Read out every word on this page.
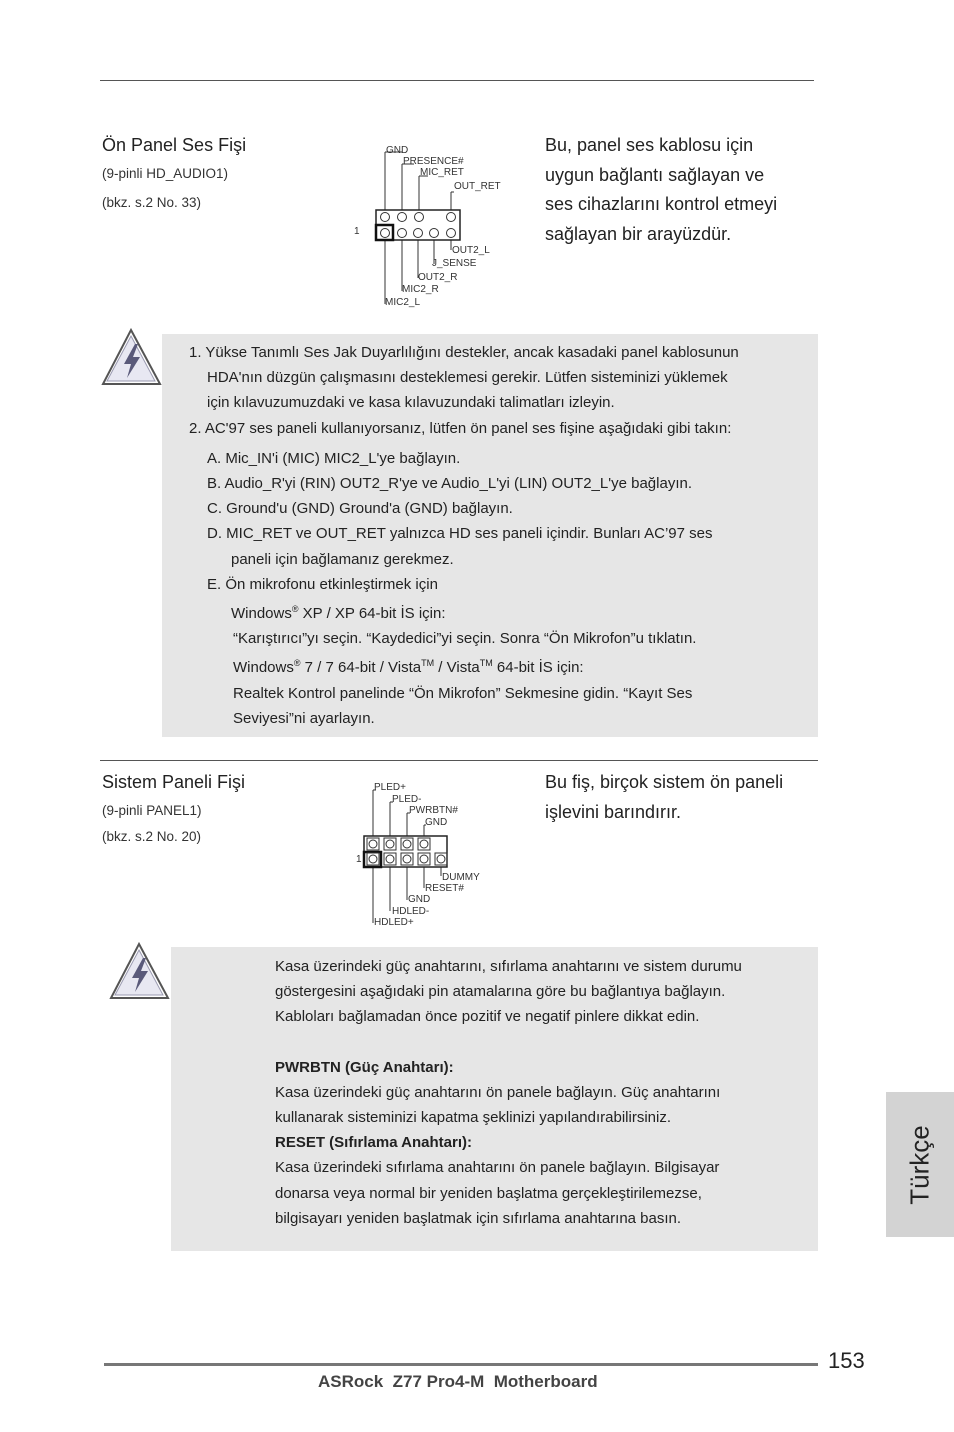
Ön Panel Ses Fişi
(9-pinli HD_AUDIO1)
(bkz. s.2 No. 33)
Bu, panel ses kablosu için
uygun bağlantı sağlayan ve
ses cihazlarını kontrol etmeyi
sağlayan bir arayüzdür.
1
GND
PRESENCE#
MIC_RET
OUT_RET
OUT2_L
J_SENSE
OUT2_R
MIC2_R
MIC2_L
1. Yükse Tanımlı Ses Jak Duyarlılığını destekler, ancak kasadaki panel kablosunun
HDA'nın düzgün çalışmasını desteklemesi gerekir. Lütfen sisteminizi yüklemek
için kılavuzumuzdaki ve kasa kılavuzundaki talimatları izleyin.
2. AC'97 ses paneli kullanıyorsanız, lütfen ön panel ses fişine aşağıdaki gibi takın:
A. Mic_IN'i (MIC) MIC2_L'ye bağlayın.
B. Audio_R'yi (RIN) OUT2_R'ye ve Audio_L'yi (LIN) OUT2_L'ye bağlayın.
C. Ground'u (GND) Ground'a (GND) bağlayın.
D. MIC_RET ve OUT_RET yalnızca HD ses paneli içindir. Bunları AC’97 ses
paneli için bağlamanız gerekmez.
E. Ön mikrofonu etkinleştirmek için
Windows® XP / XP 64-bit İS için:
“Karıştırıcı”yı seçin. “Kaydedici”yi seçin. Sonra “Ön Mikrofon”u tıklatın.
Windows® 7 / 7 64-bit / Vista™ / Vista™ 64-bit İS için:
Realtek Kontrol panelinde “Ön Mikrofon” Sekmesine gidin. “Kayıt Ses
Seviyesi”ni ayarlayın.
Sistem Paneli Fişi
(9-pinli PANEL1)
(bkz. s.2 No. 20)
Bu fiş, birçok sistem ön paneli
işlevini barındırır.
1
PLED+
PLED-
PWRBTN#
GND
DUMMY
RESET#
GND
HDLED-
HDLED+
Kasa üzerindeki güç anahtarını, sıfırlama anahtarını ve sistem durumu
göstergesini aşağıdaki pin atamalarına göre bu bağlantıya bağlayın.
Kabloları bağlamadan önce pozitif ve negatif pinlere dikkat edin.
PWRBTN (Güç Anahtarı):
Kasa üzerindeki güç anahtarını ön panele bağlayın. Güç anahtarını
kullanarak sisteminizi kapatma şeklinizi yapılandırabilirsiniz.
RESET (Sıfırlama Anahtarı):
Kasa üzerindeki sıfırlama anahtarını ön panele bağlayın. Bilgisayar
donarsa veya normal bir yeniden başlatma gerçekleştirilemezse,
bilgisayarı yeniden başlatmak için sıfırlama anahtarına basın.
Türkçe
153
ASRock  Z77 Pro4-M  Motherboard
